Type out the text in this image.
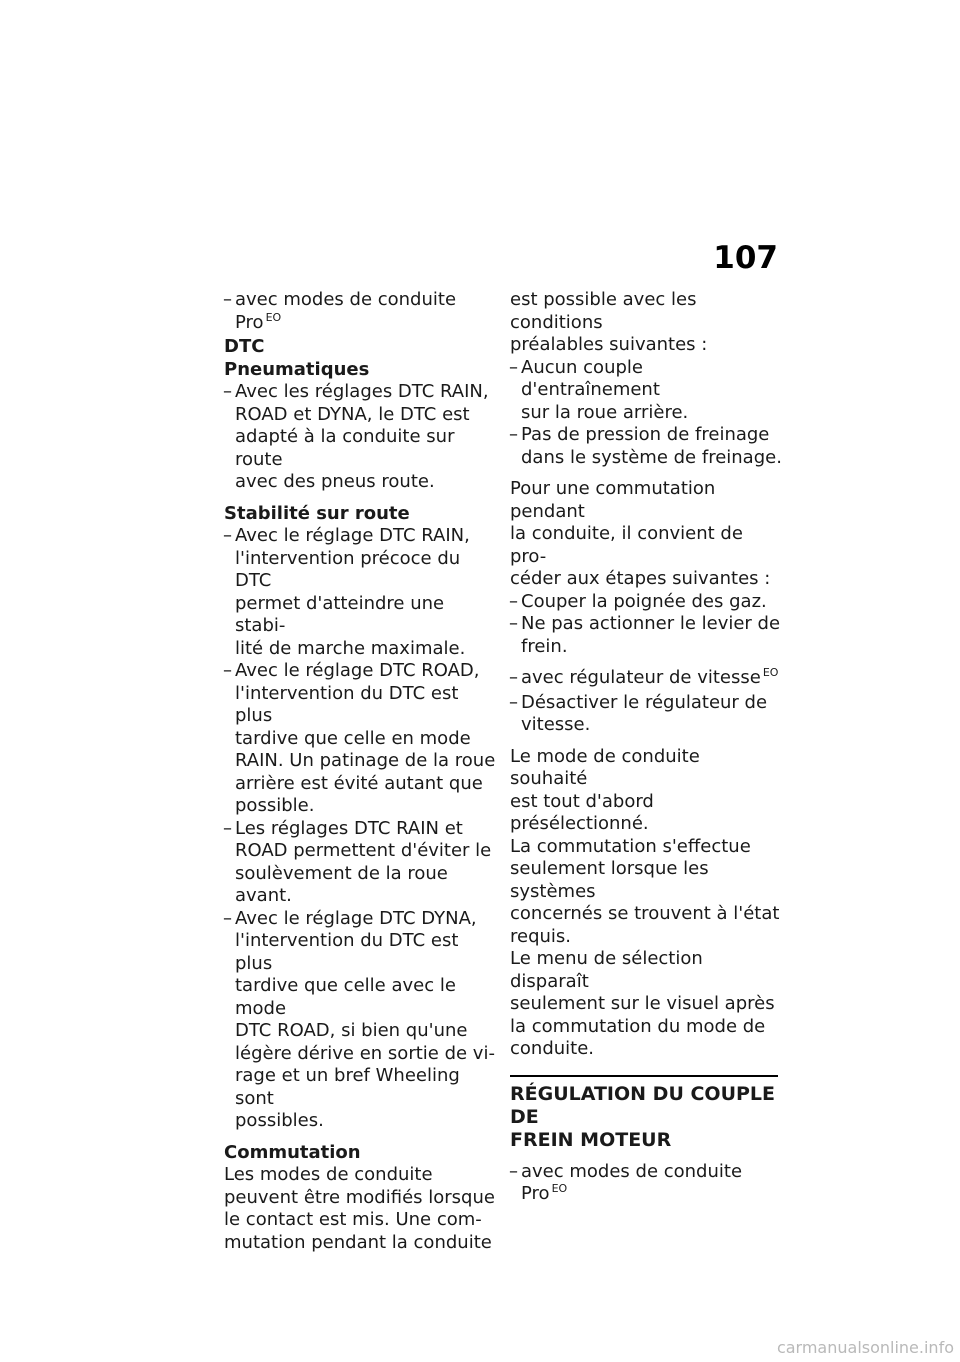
107
– avec modes de conduite
Pro $^{EO}$
DTC
Pneumatiques
– Avec les réglages DTC RAIN,
ROAD et DYNA, le DTC est
adapté à la conduite sur route
avec des pneus route.
Stabilité sur route
– Avec le réglage DTC RAIN,
l'intervention précoce du DTC
permet d'atteindre une stabi-
lité de marche maximale.
– Avec le réglage DTC ROAD,
l'intervention du DTC est plus
tardive que celle en mode
RAIN. Un patinage de la roue
arrière est évité autant que
possible.
– Les réglages DTC RAIN et
ROAD permettent d'éviter le
soulèvement de la roue avant.
– Avec le réglage DTC DYNA,
l'intervention du DTC est plus
tardive que celle avec le mode
DTC ROAD, si bien qu'une
légère dérive en sortie de vi-
rage et un bref Wheeling sont
possibles.
Commutation
Les modes de conduite
peuvent être modifiés lorsque
le contact est mis. Une com-
mutation pendant la conduite
est possible avec les conditions
préalables suivantes :
– Aucun couple d'entraînement
sur la roue arrière.
– Pas de pression de freinage
dans le système de freinage.
Pour une commutation pendant
la conduite, il convient de pro-
céder aux étapes suivantes :
– Couper la poignée des gaz.
– Ne pas actionner le levier de
frein.
– avec régulateur de vitesse $^{EO}$
– Désactiver le régulateur de
vitesse.
Le mode de conduite souhaité
est tout d'abord présélectionné.
La commutation s'effectue
seulement lorsque les systèmes
concernés se trouvent à l'état
requis.
Le menu de sélection disparaît
seulement sur le visuel après
la commutation du mode de
conduite.
RÉGULATION DU COUPLE DE
FREIN MOTEUR
– avec modes de conduite
Pro $^{EO}$
carmanualsonline.info
